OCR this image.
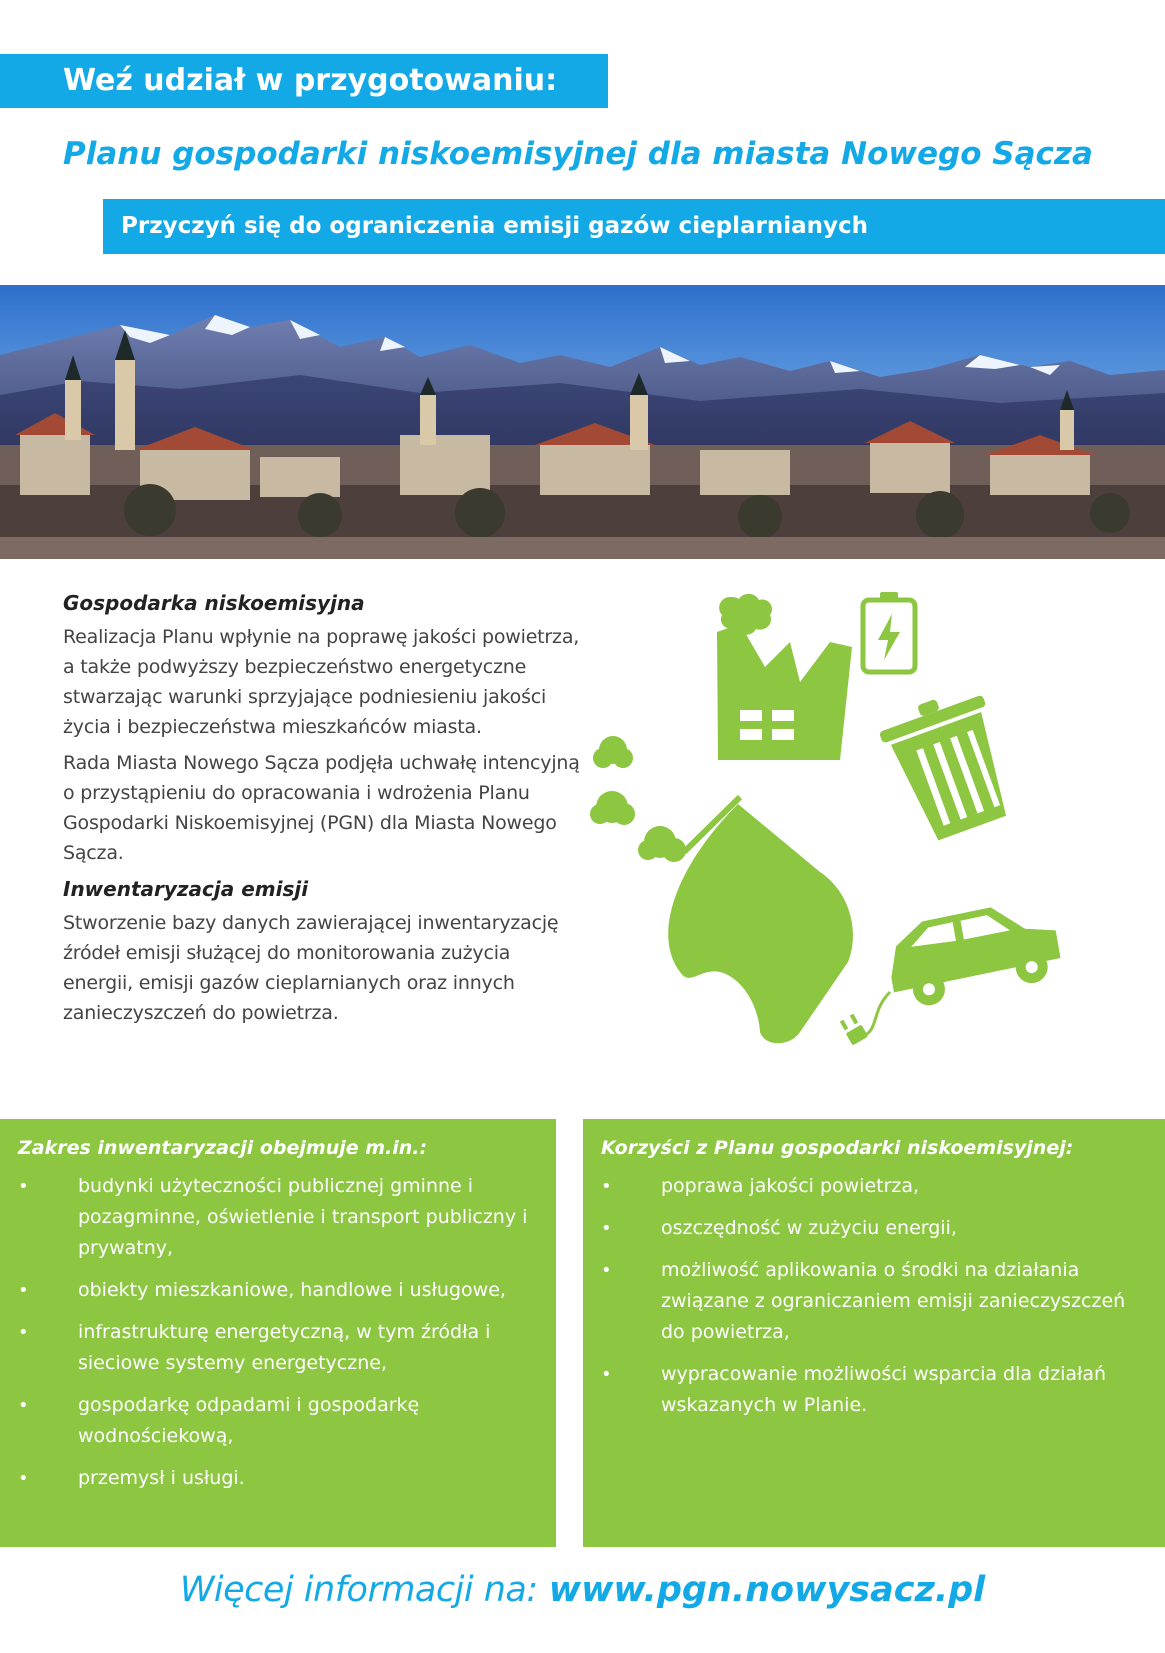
Weź udział w przygotowaniu:
Planu gospodarki niskoemisyjnej dla miasta Nowego Sącza
Przyczyń się do ograniczenia emisji gazów cieplarnianych
Gospodarka niskoemisyjna

Realizacja Planu wpłynie na poprawę jakości powietrza, a także podwyższy bezpieczeństwo energetyczne stwarzając warunki sprzyjające podniesieniu jakości życia i bezpieczeństwa mieszkańców miasta.

Rada Miasta Nowego Sącza podjęła uchwałę intencyjną o przystąpieniu do opracowania i wdrożenia Planu Gospodarki Niskoemisyjnej (PGN) dla Miasta Nowego Sącza.

Inwentaryzacja emisji

Stworzenie bazy danych zawierającej inwentaryzację źródeł emisji służącej do monitorowania zużycia energii, emisji gazów cieplarnianych oraz innych zanieczyszczeń do powietrza.

Zakres inwentaryzacji obejmuje m.in.:
• budynki użyteczności publicznej gminne i pozagminne, oświetlenie i transport publiczny i prywatny,
• obiekty mieszkaniowe, handlowe i usługowe,
• infrastrukturę energetyczną, w tym źródła i sieciowe systemy energetyczne,
• gospodarkę odpadami i gospodarkę wodnościekową,
• przemysł i usługi.
Korzyści z Planu gospodarki niskoemisyjnej:
• poprawa jakości powietrza,
• oszczędność w zużyciu energii,
• możliwość aplikowania o środki na działania związane z ograniczaniem emisji zanieczyszczeń do powietrza,
• wypracowanie możliwości wsparcia dla działań wskazanych w Planie.
Więcej informacji na: www.pgn.nowysacz.pl
